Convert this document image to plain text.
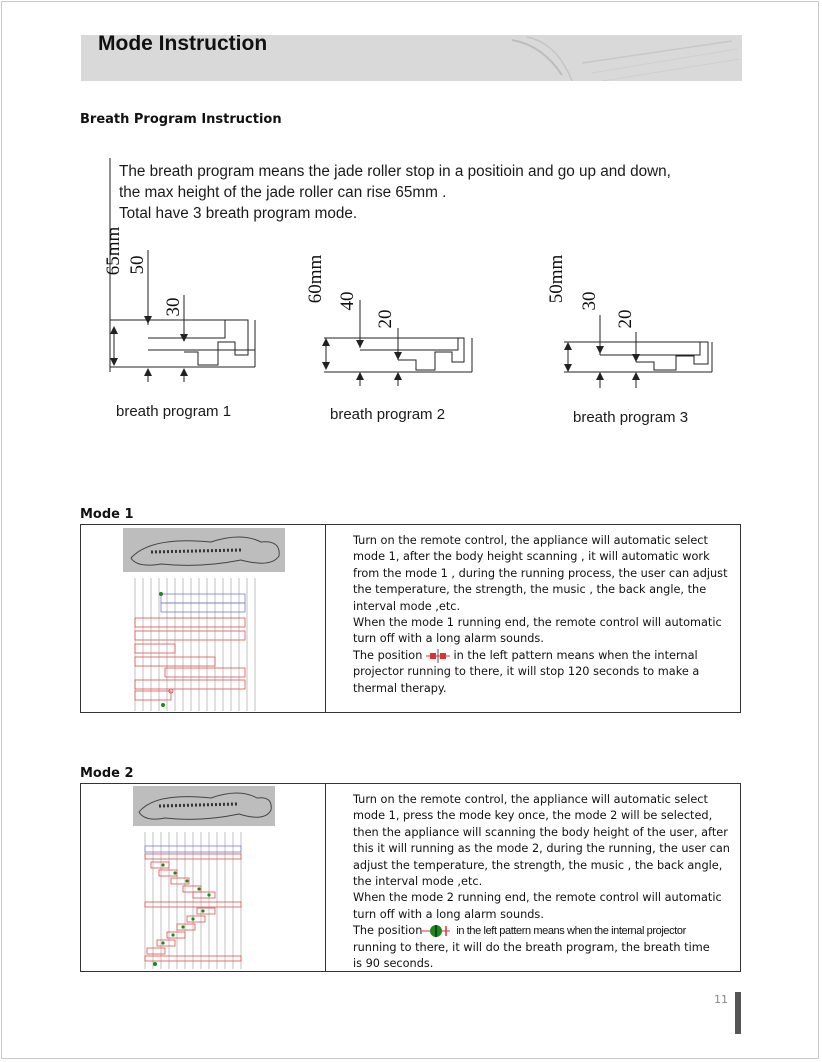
Mode Instruction
Breath Program Instruction
65mm 50
30
60mm 40
20
50mm 30
20
The breath program means the jade roller stop in a positioin and go up and down,
the max height of the jade roller can rise 65mm .
Total have 3 breath program mode.
breath program 1	breath program 2	breath program 3
Mode 1
Turn on the remote control, the appliance will automatic select
mode 1, after the body height scanning , it will automatic work
from the mode 1 , during the running process, the user can adjust
the temperature, the strength, the music , the back angle, the
interval mode ,etc.
When the mode 1 running end, the remote control will automatic
turn off with a long alarm sounds.
The position	in the left pattern means when the internal
projector running to there, it will stop 120 seconds to make a
thermal therapy.
Mode 2
Turn on the remote control, the appliance will automatic select
mode 1, press the mode key once, the mode 2 will be selected,
then the appliance will scanning the body height of the user, after
this it will running as the mode 2, during the running, the user can
adjust the temperature, the strength, the music , the back angle,
the interval mode ,etc.
When the mode 2 running end, the remote control will automatic
turn off with a long alarm sounds.
The position	in the left pattern means when the internal projector
running to there, it will do the breath program, the breath time
is 90 seconds.
11
